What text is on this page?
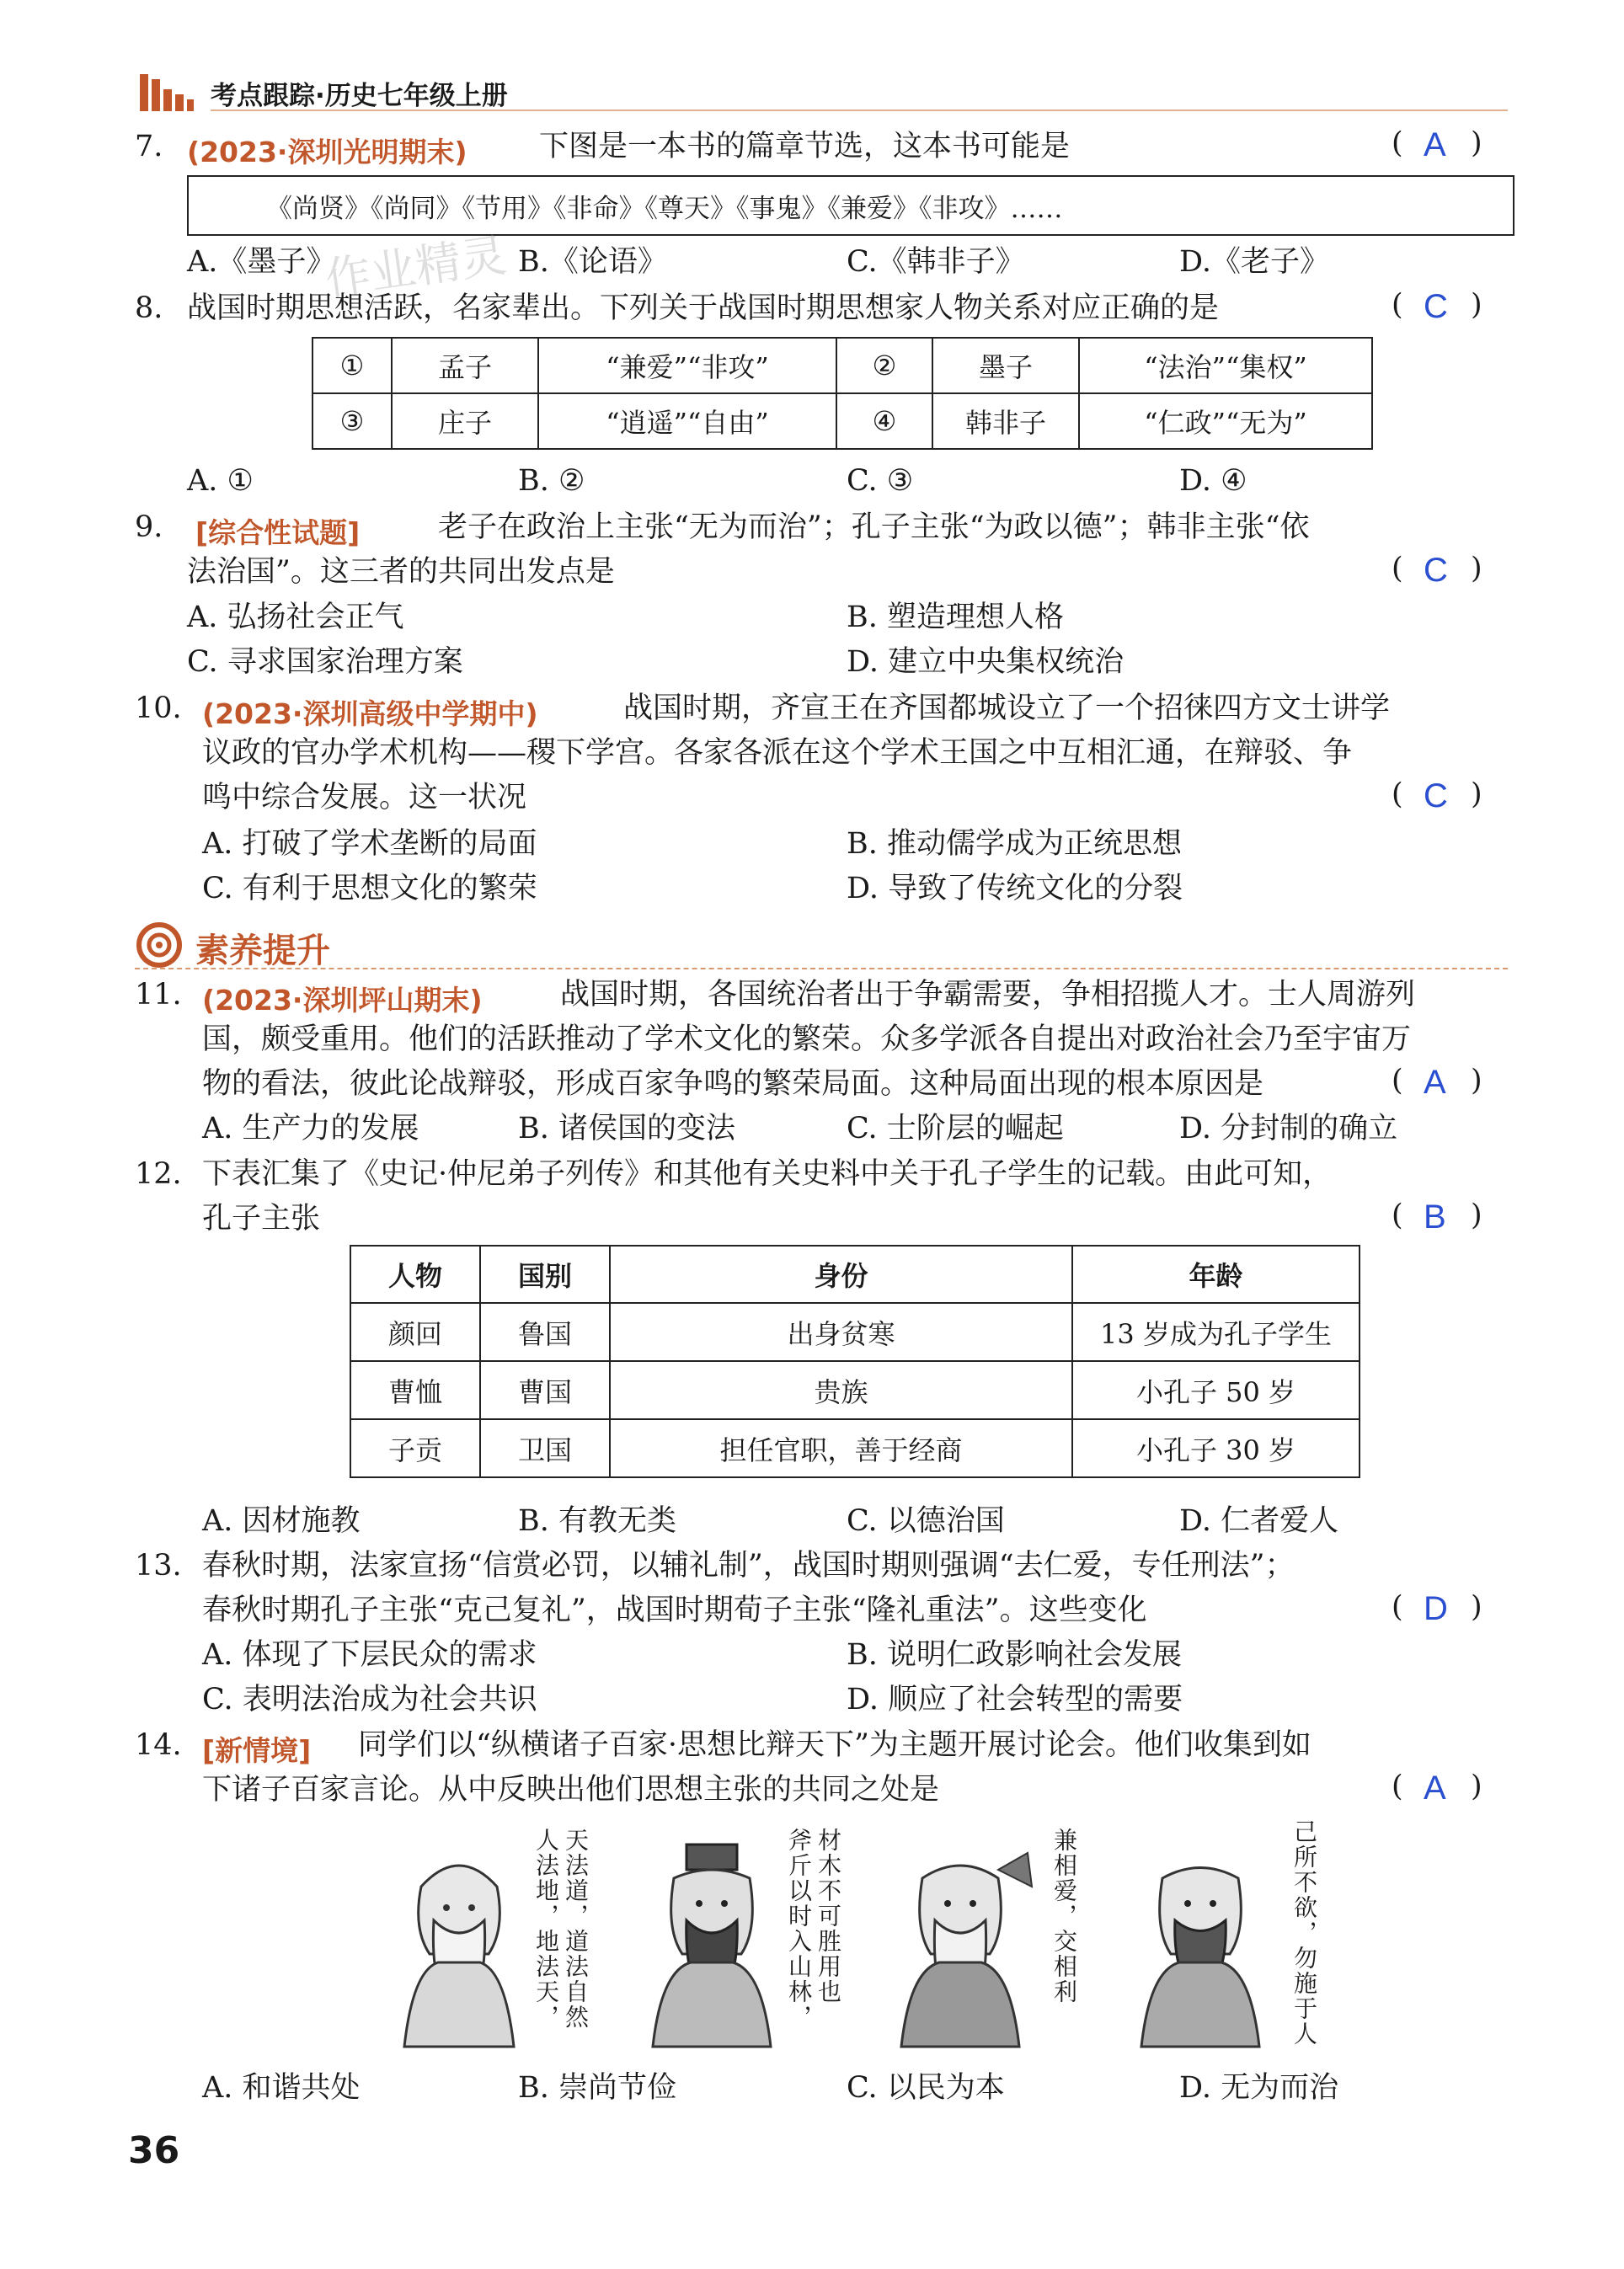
考点跟踪·历史七年级上册
7. (2023·深圳光明期末) 下图是一本书的篇章节选，这本书可能是	( A )
《尚贤》《尚同》《节用》《非命》《尊天》《事鬼》《兼爱》《非攻》……
A.《墨子》	B.《论语》	C.《韩非子》	D.《老子》
作业精灵
8. 战国时期思想活跃，名家辈出。下列关于战国时期思想家人物关系对应正确的是	( C )
①	孟子	“兼爱”“非攻”	②	墨子	“法治”“集权”
③	庄子	“逍遥”“自由”	④	韩非子	“仁政”“无为”
A. ①	B. ②	C. ③	D. ④
9. [综合性试题]	老子在政治上主张“无为而治”；孔子主张“为政以德”；韩非主张“依
法治国”。这三者的共同出发点是	( C )
A. 弘扬社会正气	B. 塑造理想人格
C. 寻求国家治理方案	D. 建立中央集权统治
10. (2023·深圳高级中学期中)	战国时期，齐宣王在齐国都城设立了一个招徕四方文士讲学
议政的官办学术机构——稷下学宫。各家各派在这个学术王国之中互相汇通，在辩驳、争
鸣中综合发展。这一状况	( C )
A. 打破了学术垄断的局面	B. 推动儒学成为正统思想
C. 有利于思想文化的繁荣	D. 导致了传统文化的分裂
素养提升
11. (2023·深圳坪山期末)	战国时期，各国统治者出于争霸需要，争相招揽人才。士人周游列
国，颇受重用。他们的活跃推动了学术文化的繁荣。众多学派各自提出对政治社会乃至宇宙万
物的看法，彼此论战辩驳，形成百家争鸣的繁荣局面。这种局面出现的根本原因是	( A )
A. 生产力的发展	B. 诸侯国的变法	C. 士阶层的崛起	D. 分封制的确立
12. 下表汇集了《史记·仲尼弟子列传》和其他有关史料中关于孔子学生的记载。由此可知，
孔子主张	( B )
人物	国别	身份	年龄
颜回	鲁国	出身贫寒	13 岁成为孔子学生
曹恤	曹国	贵族	小孔子 50 岁
子贡	卫国	担任官职，善于经商	小孔子 30 岁
A. 因材施教	B. 有教无类	C. 以德治国	D. 仁者爱人
13. 春秋时期，法家宣扬“信赏必罚，以辅礼制”，战国时期则强调“去仁爱，专任刑法”；
春秋时期孔子主张“克己复礼”，战国时期荀子主张“隆礼重法”。这些变化	( D )
A. 体现了下层民众的需求	B. 说明仁政影响社会发展
C. 表明法治成为社会共识	D. 顺应了社会转型的需要
14. [新情境] 同学们以“纵横诸子百家·思想比辩天下”为主题开展讨论会。他们收集到如
下诸子百家言论。从中反映出他们思想主张的共同之处是	( A )
人法地，地法天， 天法道，道法自然	斧斤以时入山林， 材木不可胜用也	兼相爱，交相利	己所不欲，勿施于人
A. 和谐共处	B. 崇尚节俭	C. 以民为本	D. 无为而治
36
